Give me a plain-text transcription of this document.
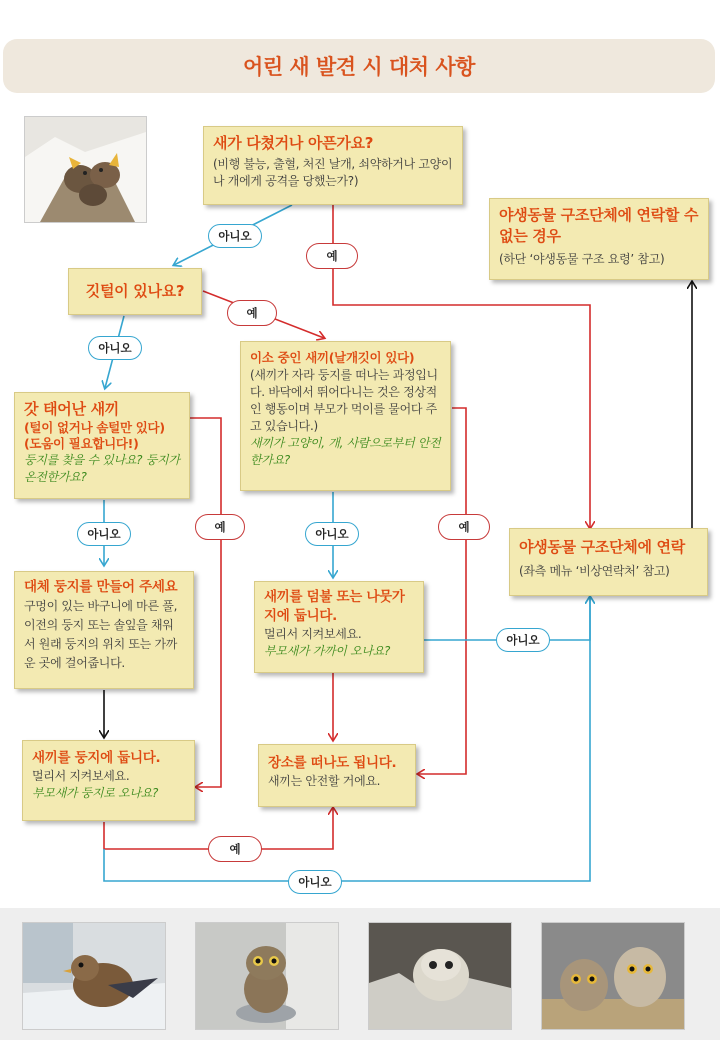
어린 새 발견 시 대처 사항
새가 다쳤거나 아픈가요?
(비행 불능, 출혈, 처진 날개, 쇠약하거나 고양이나 개에게 공격을 당했는가?)
야생동물 구조단체에 연락할 수 없는 경우
(하단 ‘야생동물 구조 요령’ 참고)
깃털이 있나요?
갓 태어난 새끼
(털이 없거나 솜털만 있다)
(도움이 필요합니다!)
둥지를 찾을 수 있나요? 둥지가 온전한가요?
이소 중인 새끼(날개깃이 있다)
(새끼가 자라 둥지를 떠나는 과정입니다. 바닥에서 뛰어다니는 것은 정상적인 행동이며 부모가 먹이를 물어다 주고 있습니다.)
새끼가 고양이, 개, 사람으로부터 안전한가요?
야생동물 구조단체에 연락
(좌측 메뉴 ‘비상연락처’ 참고)
대체 둥지를 만들어 주세요
구멍이 있는 바구니에 마른 풀, 이전의 둥지 또는 솔잎을 채워서 원래 둥지의 위치 또는 가까운 곳에 걸어줍니다.
새끼를 덤불 또는 나뭇가지에 둡니다.
멀리서 지켜보세요.
부모새가 가까이 오나요?
새끼를 둥지에 둡니다.
멀리서 지켜보세요.
부모새가 둥지로 오나요?
장소를 떠나도 됩니다.
새끼는 안전할 거에요.
아니오
예
예
아니오
아니오	예	아니오	예
아니오
예
아니오
